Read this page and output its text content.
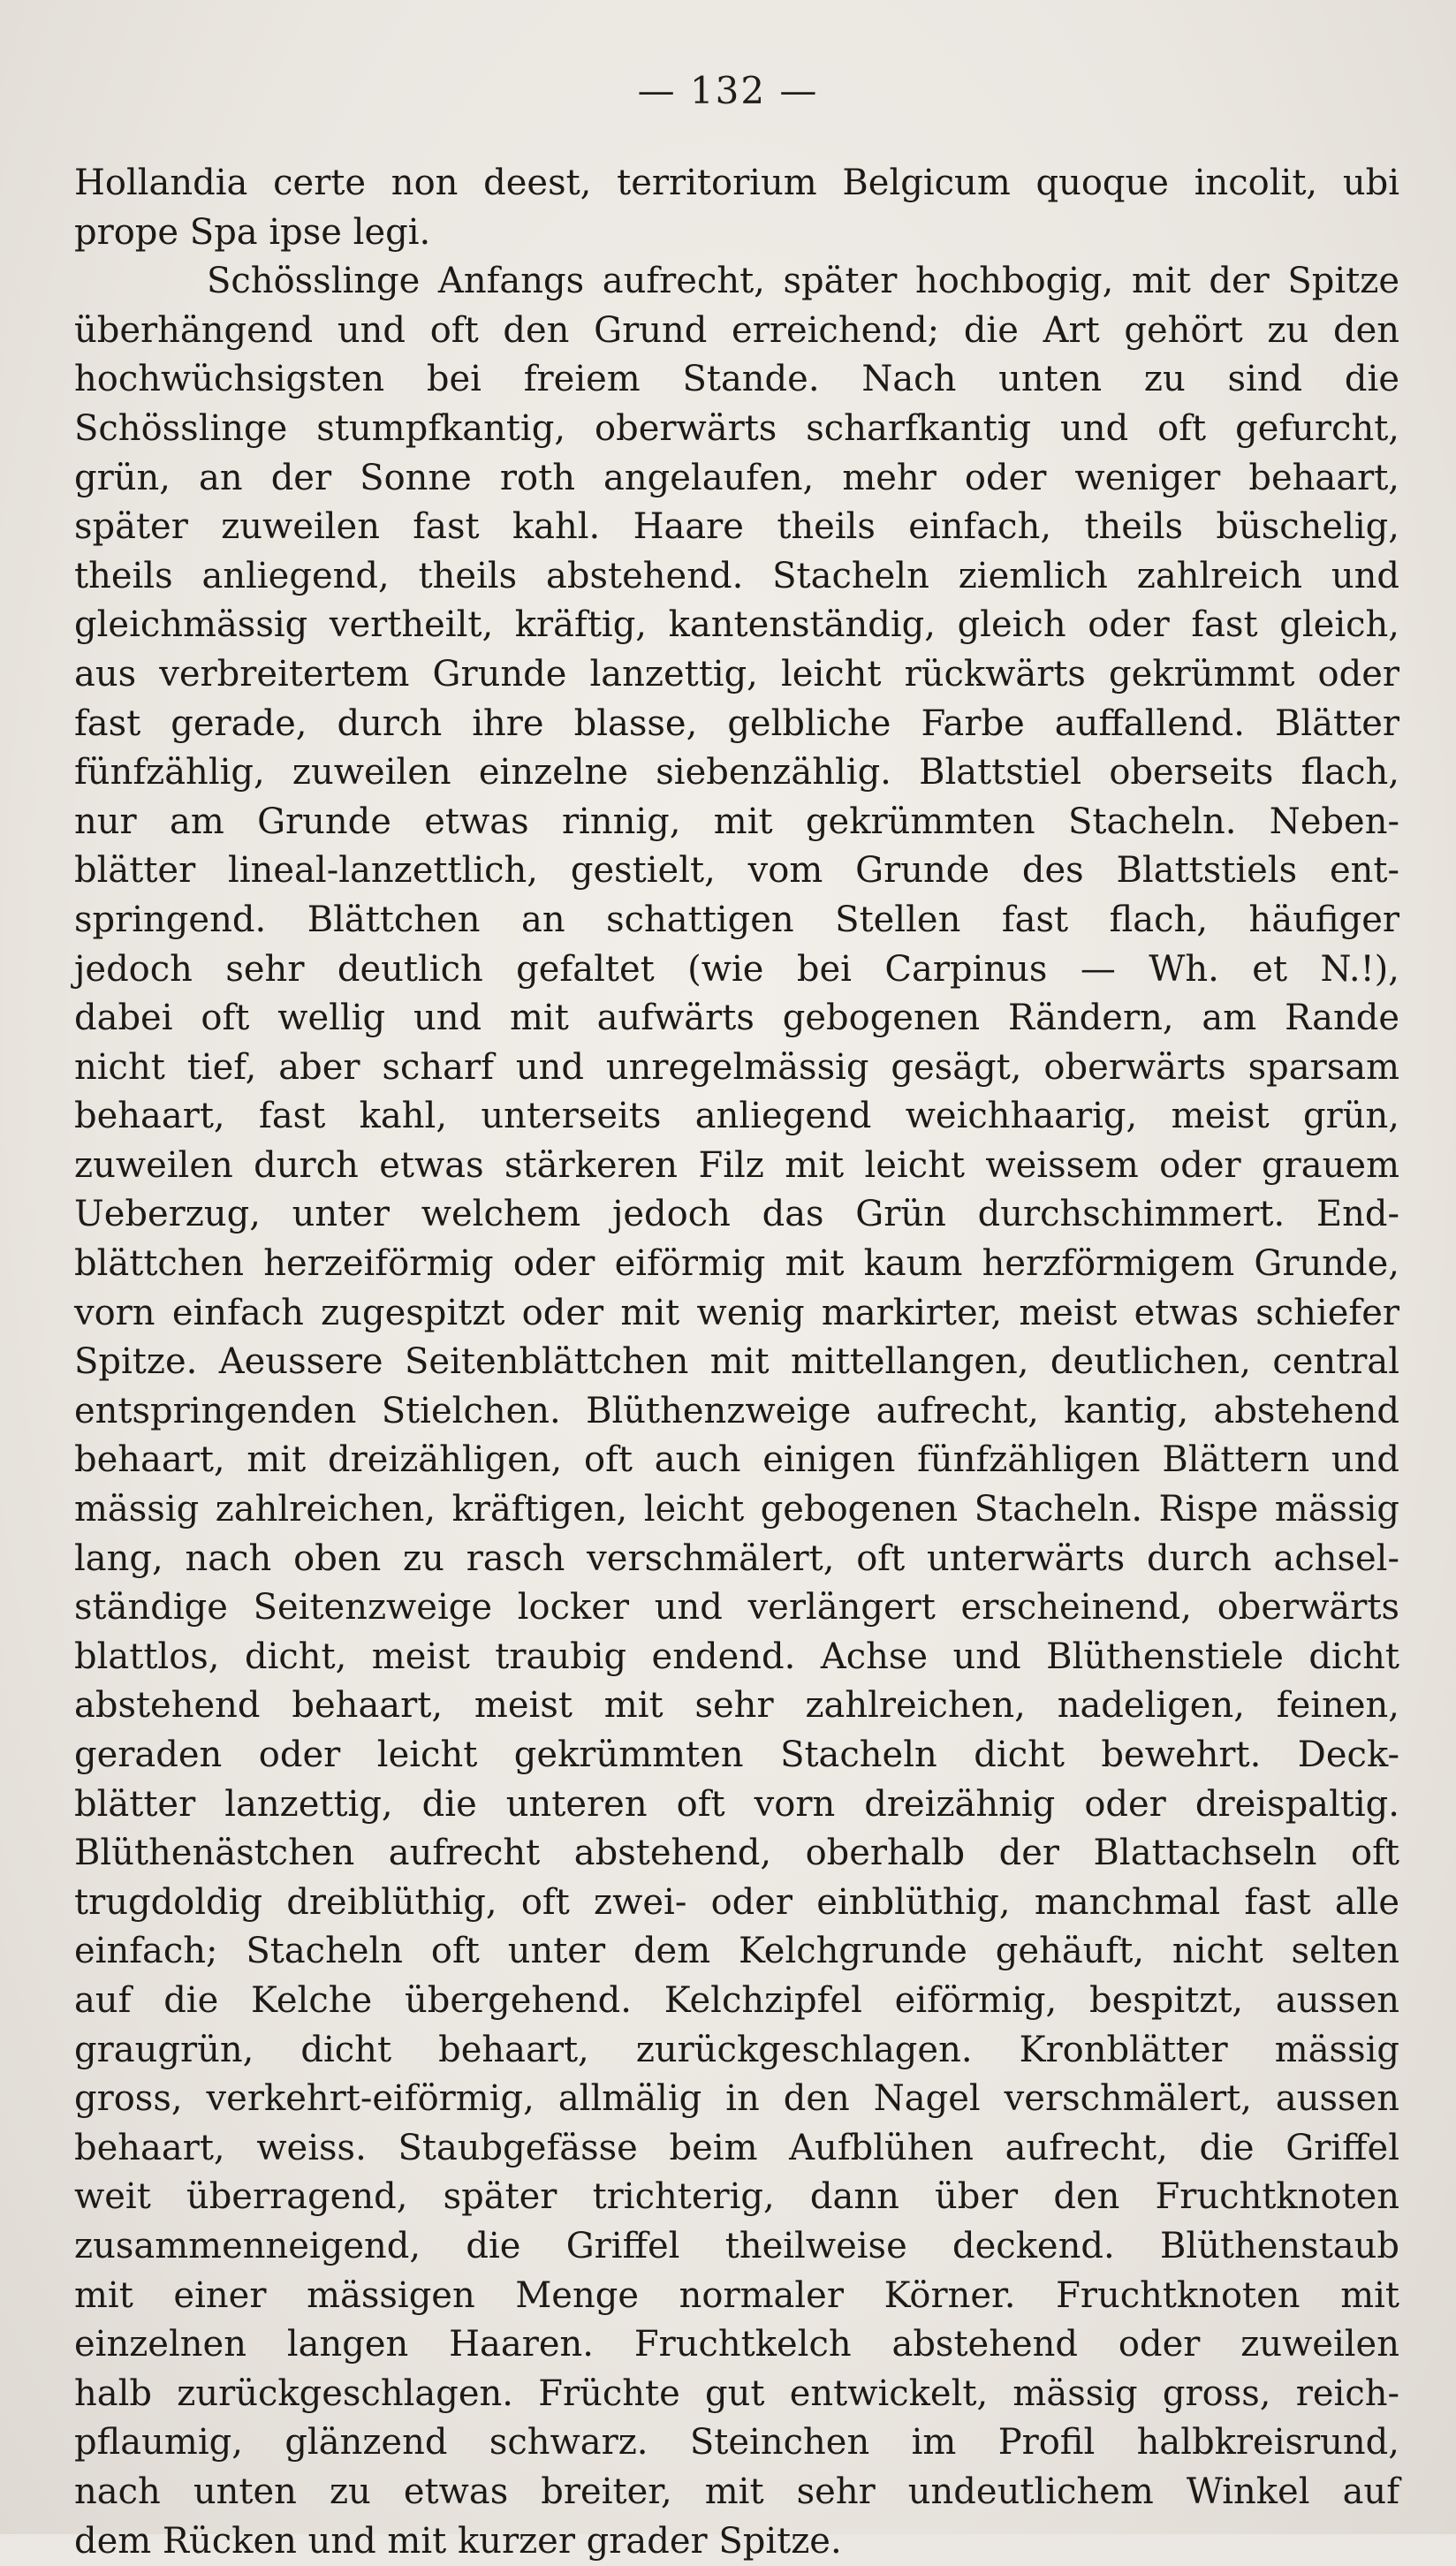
— 132 —
Hollandia certe non deest, territorium Belgicum quoque incolit, ubi
prope Spa ipse legi.
Schösslinge Anfangs aufrecht, später hochbogig, mit der Spitze
überhängend und oft den Grund erreichend; die Art gehört zu den
hochwüchsigsten bei freiem Stande. Nach unten zu sind die
Schösslinge stumpfkantig, oberwärts scharfkantig und oft gefurcht,
grün, an der Sonne roth angelaufen, mehr oder weniger behaart,
später zuweilen fast kahl. Haare theils einfach, theils büschelig,
theils anliegend, theils abstehend. Stacheln ziemlich zahlreich und
gleichmässig vertheilt, kräftig, kantenständig, gleich oder fast gleich,
aus verbreitertem Grunde lanzettig, leicht rückwärts gekrümmt oder
fast gerade, durch ihre blasse, gelbliche Farbe auffallend. Blätter
fünfzählig, zuweilen einzelne siebenzählig. Blattstiel oberseits flach,
nur am Grunde etwas rinnig, mit gekrümmten Stacheln. Neben-
blätter lineal-lanzettlich, gestielt, vom Grunde des Blattstiels ent-
springend. Blättchen an schattigen Stellen fast flach, häufiger
jedoch sehr deutlich gefaltet (wie bei Carpinus — Wh. et N.!),
dabei oft wellig und mit aufwärts gebogenen Rändern, am Rande
nicht tief, aber scharf und unregelmässig gesägt, oberwärts sparsam
behaart, fast kahl, unterseits anliegend weichhaarig, meist grün,
zuweilen durch etwas stärkeren Filz mit leicht weissem oder grauem
Ueberzug, unter welchem jedoch das Grün durchschimmert. End-
blättchen herzeiförmig oder eiförmig mit kaum herzförmigem Grunde,
vorn einfach zugespitzt oder mit wenig markirter, meist etwas schiefer
Spitze. Aeussere Seitenblättchen mit mittellangen, deutlichen, central
entspringenden Stielchen. Blüthenzweige aufrecht, kantig, abstehend
behaart, mit dreizähligen, oft auch einigen fünfzähligen Blättern und
mässig zahlreichen, kräftigen, leicht gebogenen Stacheln. Rispe mässig
lang, nach oben zu rasch verschmälert, oft unterwärts durch achsel-
ständige Seitenzweige locker und verlängert erscheinend, oberwärts
blattlos, dicht, meist traubig endend. Achse und Blüthenstiele dicht
abstehend behaart, meist mit sehr zahlreichen, nadeligen, feinen,
geraden oder leicht gekrümmten Stacheln dicht bewehrt. Deck-
blätter lanzettig, die unteren oft vorn dreizähnig oder dreispaltig.
Blüthenästchen aufrecht abstehend, oberhalb der Blattachseln oft
trugdoldig dreiblüthig, oft zwei- oder einblüthig, manchmal fast alle
einfach; Stacheln oft unter dem Kelchgrunde gehäuft, nicht selten
auf die Kelche übergehend. Kelchzipfel eiförmig, bespitzt, aussen
graugrün, dicht behaart, zurückgeschlagen. Kronblätter mässig
gross, verkehrt-eiförmig, allmälig in den Nagel verschmälert, aussen
behaart, weiss. Staubgefässe beim Aufblühen aufrecht, die Griffel
weit überragend, später trichterig, dann über den Fruchtknoten
zusammenneigend, die Griffel theilweise deckend. Blüthenstaub
mit einer mässigen Menge normaler Körner. Fruchtknoten mit
einzelnen langen Haaren. Fruchtkelch abstehend oder zuweilen
halb zurückgeschlagen. Früchte gut entwickelt, mässig gross, reich-
pflaumig, glänzend schwarz. Steinchen im Profil halbkreisrund,
nach unten zu etwas breiter, mit sehr undeutlichem Winkel auf
dem Rücken und mit kurzer grader Spitze.
